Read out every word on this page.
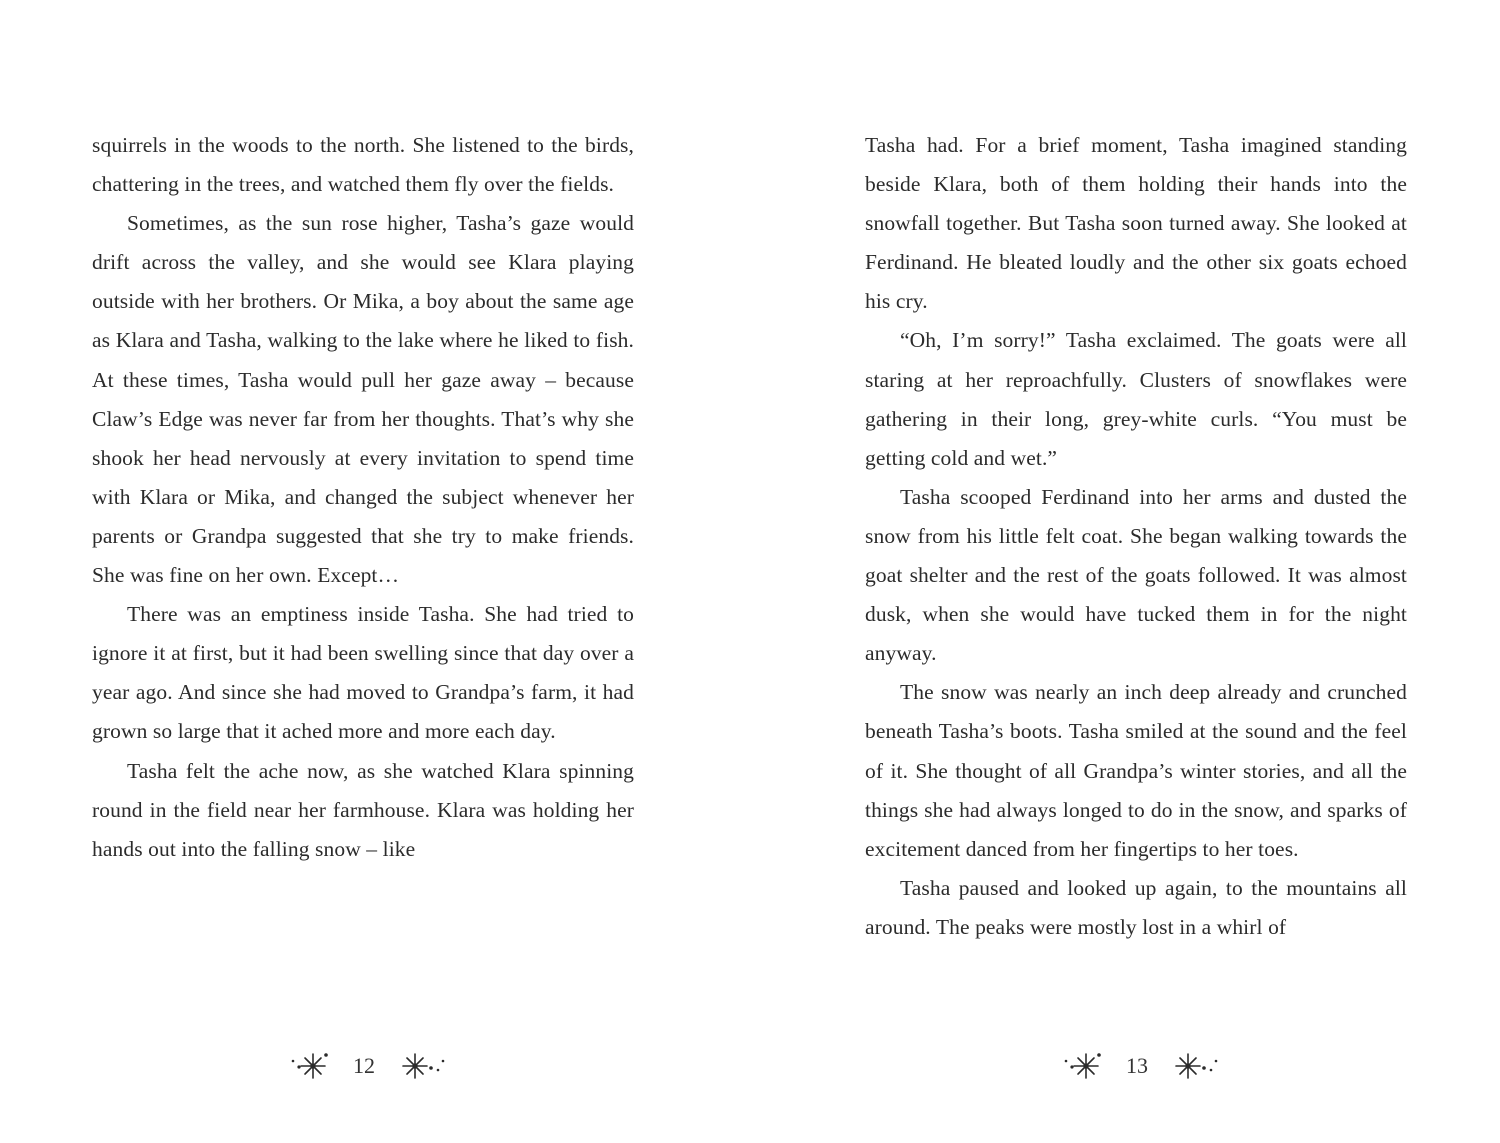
squirrels in the woods to the north. She listened to the birds, chattering in the trees, and watched them fly over the fields.

Sometimes, as the sun rose higher, Tasha’s gaze would drift across the valley, and she would see Klara playing outside with her brothers. Or Mika, a boy about the same age as Klara and Tasha, walking to the lake where he liked to fish. At these times, Tasha would pull her gaze away – because Claw’s Edge was never far from her thoughts. That’s why she shook her head nervously at every invitation to spend time with Klara or Mika, and changed the subject whenever her parents or Grandpa suggested that she try to make friends. She was fine on her own. Except…

There was an emptiness inside Tasha. She had tried to ignore it at first, but it had been swelling since that day over a year ago. And since she had moved to Grandpa’s farm, it had grown so large that it ached more and more each day.

Tasha felt the ache now, as she watched Klara spinning round in the field near her farmhouse. Klara was holding her hands out into the falling snow – like

Tasha had. For a brief moment, Tasha imagined standing beside Klara, both of them holding their hands into the snowfall together. But Tasha soon turned away. She looked at Ferdinand. He bleated loudly and the other six goats echoed his cry.

“Oh, I’m sorry!” Tasha exclaimed. The goats were all staring at her reproachfully. Clusters of snowflakes were gathering in their long, grey-white curls. “You must be getting cold and wet.”

Tasha scooped Ferdinand into her arms and dusted the snow from his little felt coat. She began walking towards the goat shelter and the rest of the goats followed. It was almost dusk, when she would have tucked them in for the night anyway.

The snow was nearly an inch deep already and crunched beneath Tasha’s boots. Tasha smiled at the sound and the feel of it. She thought of all Grandpa’s winter stories, and all the things she had always longed to do in the snow, and sparks of excitement danced from her fingertips to her toes.

Tasha paused and looked up again, to the mountains all around. The peaks were mostly lost in a whirl of

12	13
